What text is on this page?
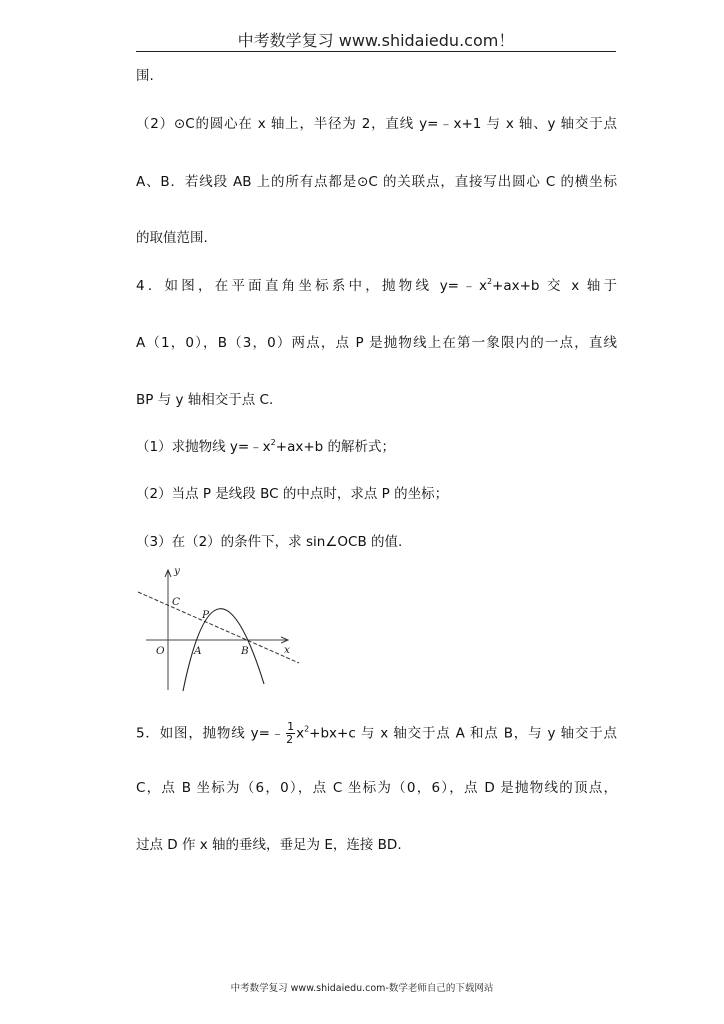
中考数学复习 www.shidaiedu.com！
围.
（2）⊙C的圆心在 x 轴上，半径为 2，直线 y=﹣x+1 与 x 轴、y 轴交于点
A、B．若线段 AB 上的所有点都是⊙C 的关联点，直接写出圆心 C 的横坐标
的取值范围.
4．如图，在平面直角坐标系中，抛物线 $y=﹣x^2+ax+b$ 交 x 轴于
A（1，0），B（3，0）两点，点 P 是抛物线上在第一象限内的一点，直线
BP 与 y 轴相交于点 C.
（1）求抛物线 $y=﹣x^2+ax+b$ 的解析式；
（2）当点 P 是线段 BC 的中点时，求点 P 的坐标；
（3）在（2）的条件下，求 sin∠OCB 的值.
y
x
C
P
O	A	B
5．如图，抛物线 y=﹣ $\frac{1}{2} x^2+bx+c$ 与 x 轴交于点 A 和点 B，与 y 轴交于点
C，点 B 坐标为（6，0），点 C 坐标为（0，6），点 D 是抛物线的顶点，
过点 D 作 x 轴的垂线，垂足为 E，连接 BD.
中考数学复习 www.shidaiedu.com-数学老师自己的下载网站
